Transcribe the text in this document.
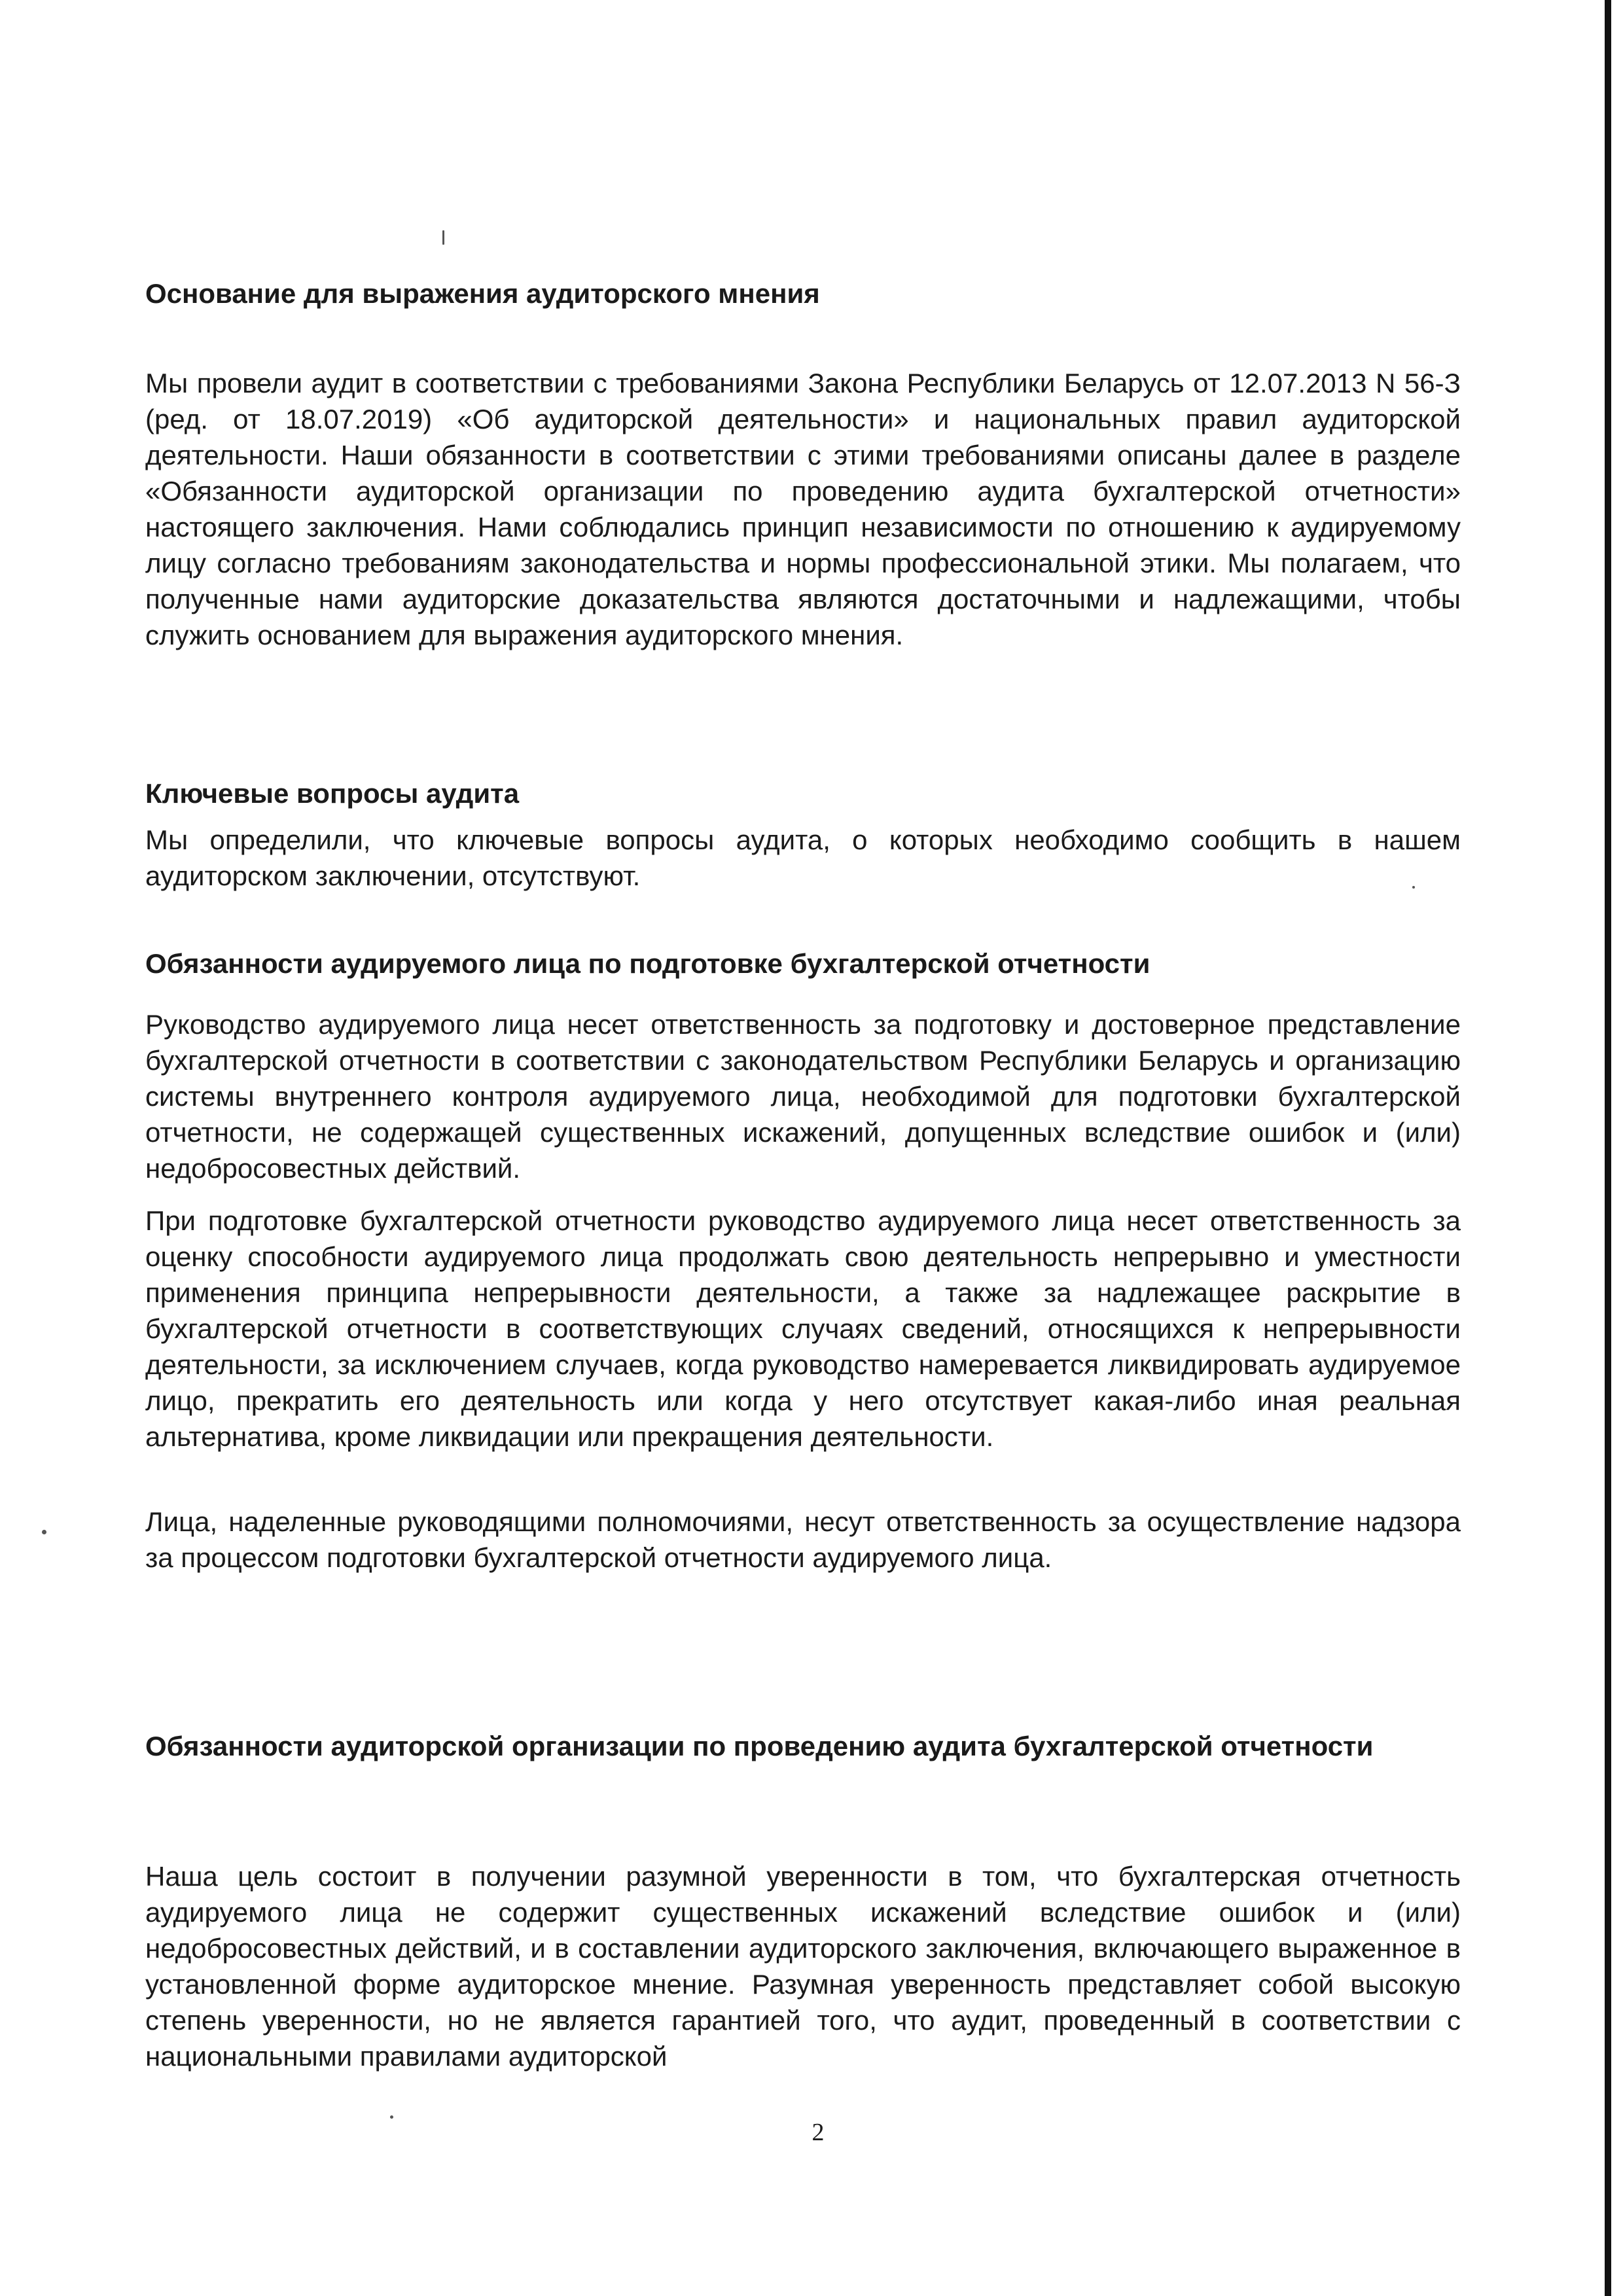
Основание для выражения аудиторского мнения

Мы провели аудит в соответствии с требованиями Закона Республики Беларусь от 12.07.2013 N 56-З (ред. от 18.07.2019) «Об аудиторской деятельности» и национальных правил аудиторской деятельности. Наши обязанности в соответствии с этими требованиями описаны далее в разделе «Обязанности аудиторской организации по проведению аудита бухгалтерской отчетности» настоящего заключения. Нами соблюдались принцип независимости по отношению к аудируемому лицу согласно требованиям законодательства и нормы профессиональной этики. Мы полагаем, что полученные нами аудиторские доказательства являются достаточными и надлежащими, чтобы служить основанием для выражения аудиторского мнения.

Ключевые вопросы аудита

Мы определили, что ключевые вопросы аудита, о которых необходимо сообщить в нашем аудиторском заключении, отсутствуют.

Обязанности аудируемого лица по подготовке бухгалтерской отчетности

Руководство аудируемого лица несет ответственность за подготовку и достоверное представление бухгалтерской отчетности в соответствии с законодательством Республики Беларусь и организацию системы внутреннего контроля аудируемого лица, необходимой для подготовки бухгалтерской отчетности, не содержащей существенных искажений, допущенных вследствие ошибок и (или) недобросовестных действий.

При подготовке бухгалтерской отчетности руководство аудируемого лица несет ответственность за оценку способности аудируемого лица продолжать свою деятельность непрерывно и уместности применения принципа непрерывности деятельности, а также за надлежащее раскрытие в бухгалтерской отчетности в соответствующих случаях сведений, относящихся к непрерывности деятельности, за исключением случаев, когда руководство намеревается ликвидировать аудируемое лицо, прекратить его деятельность или когда у него отсутствует какая-либо иная реальная альтернатива, кроме ликвидации или прекращения деятельности.

Лица, наделенные руководящими полномочиями, несут ответственность за осуществление надзора за процессом подготовки бухгалтерской отчетности аудируемого лица.

Обязанности аудиторской организации по проведению аудита бухгалтерской отчетности

Наша цель состоит в получении разумной уверенности в том, что бухгалтерская отчетность аудируемого лица не содержит существенных искажений вследствие ошибок и (или) недобросовестных действий, и в составлении аудиторского заключения, включающего выраженное в установленной форме аудиторское мнение. Разумная уверенность представляет собой высокую степень уверенности, но не является гарантией того, что аудит, проведенный в соответствии с национальными правилами аудиторской

2
